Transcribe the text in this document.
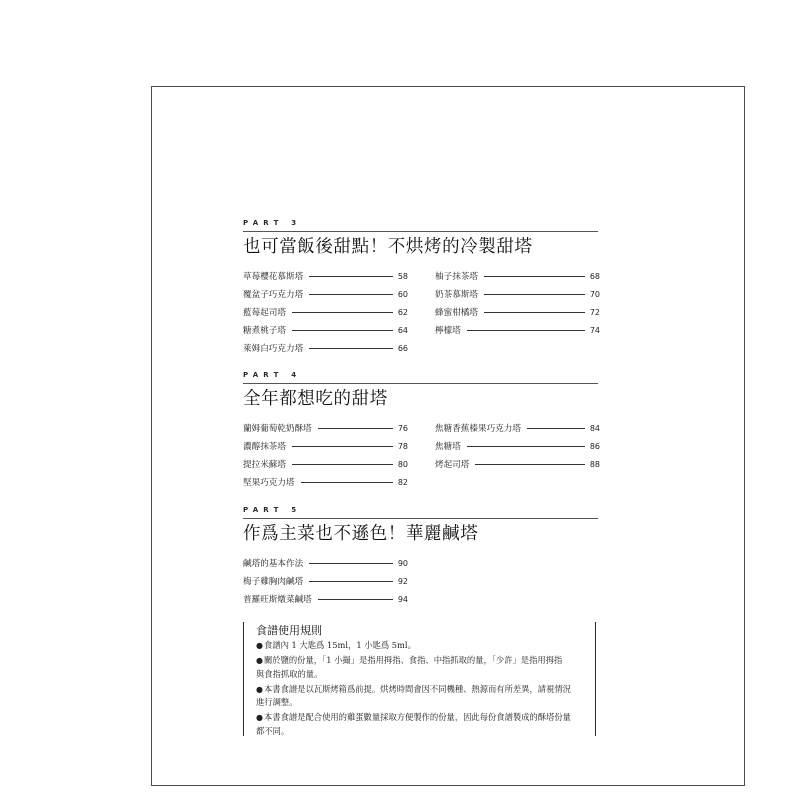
PART 3
也可當飯後甜點！不烘烤的冷製甜塔
草莓櫻花慕斯塔	58
覆盆子巧克力塔	60
藍莓起司塔	62
糖煮桃子塔	64
萊姆白巧克力塔	66
柚子抹茶塔	68
奶茶慕斯塔	70
蜂蜜柑橘塔	72
檸檬塔	74
PART 4
全年都想吃的甜塔
蘭姆葡萄乾奶酥塔	76
濃醇抹茶塔	78
提拉米蘇塔	80
堅果巧克力塔	82
焦糖香蕉榛果巧克力塔	84
焦糖塔	86
烤起司塔	88
PART 5
作爲主菜也不遜色！華麗鹹塔
鹹塔的基本作法	90
梅子雞胸肉鹹塔	92
普羅旺斯燉菜鹹塔	94
食譜使用規則
●食譜內 1 大匙爲 15ml，1 小匙爲 5ml。
●關於鹽的份量，「1 小撮」是指用拇指、食指、中指抓取的量，「少許」是指用拇指
與食指抓取的量。
●本書食譜是以瓦斯烤箱爲前提。烘烤時間會因不同機種、熱源而有所差異，請視情況
進行調整。
●本書食譜是配合使用的雞蛋數量採取方便製作的份量，因此每份食譜製成的酥塔份量
都不同。
